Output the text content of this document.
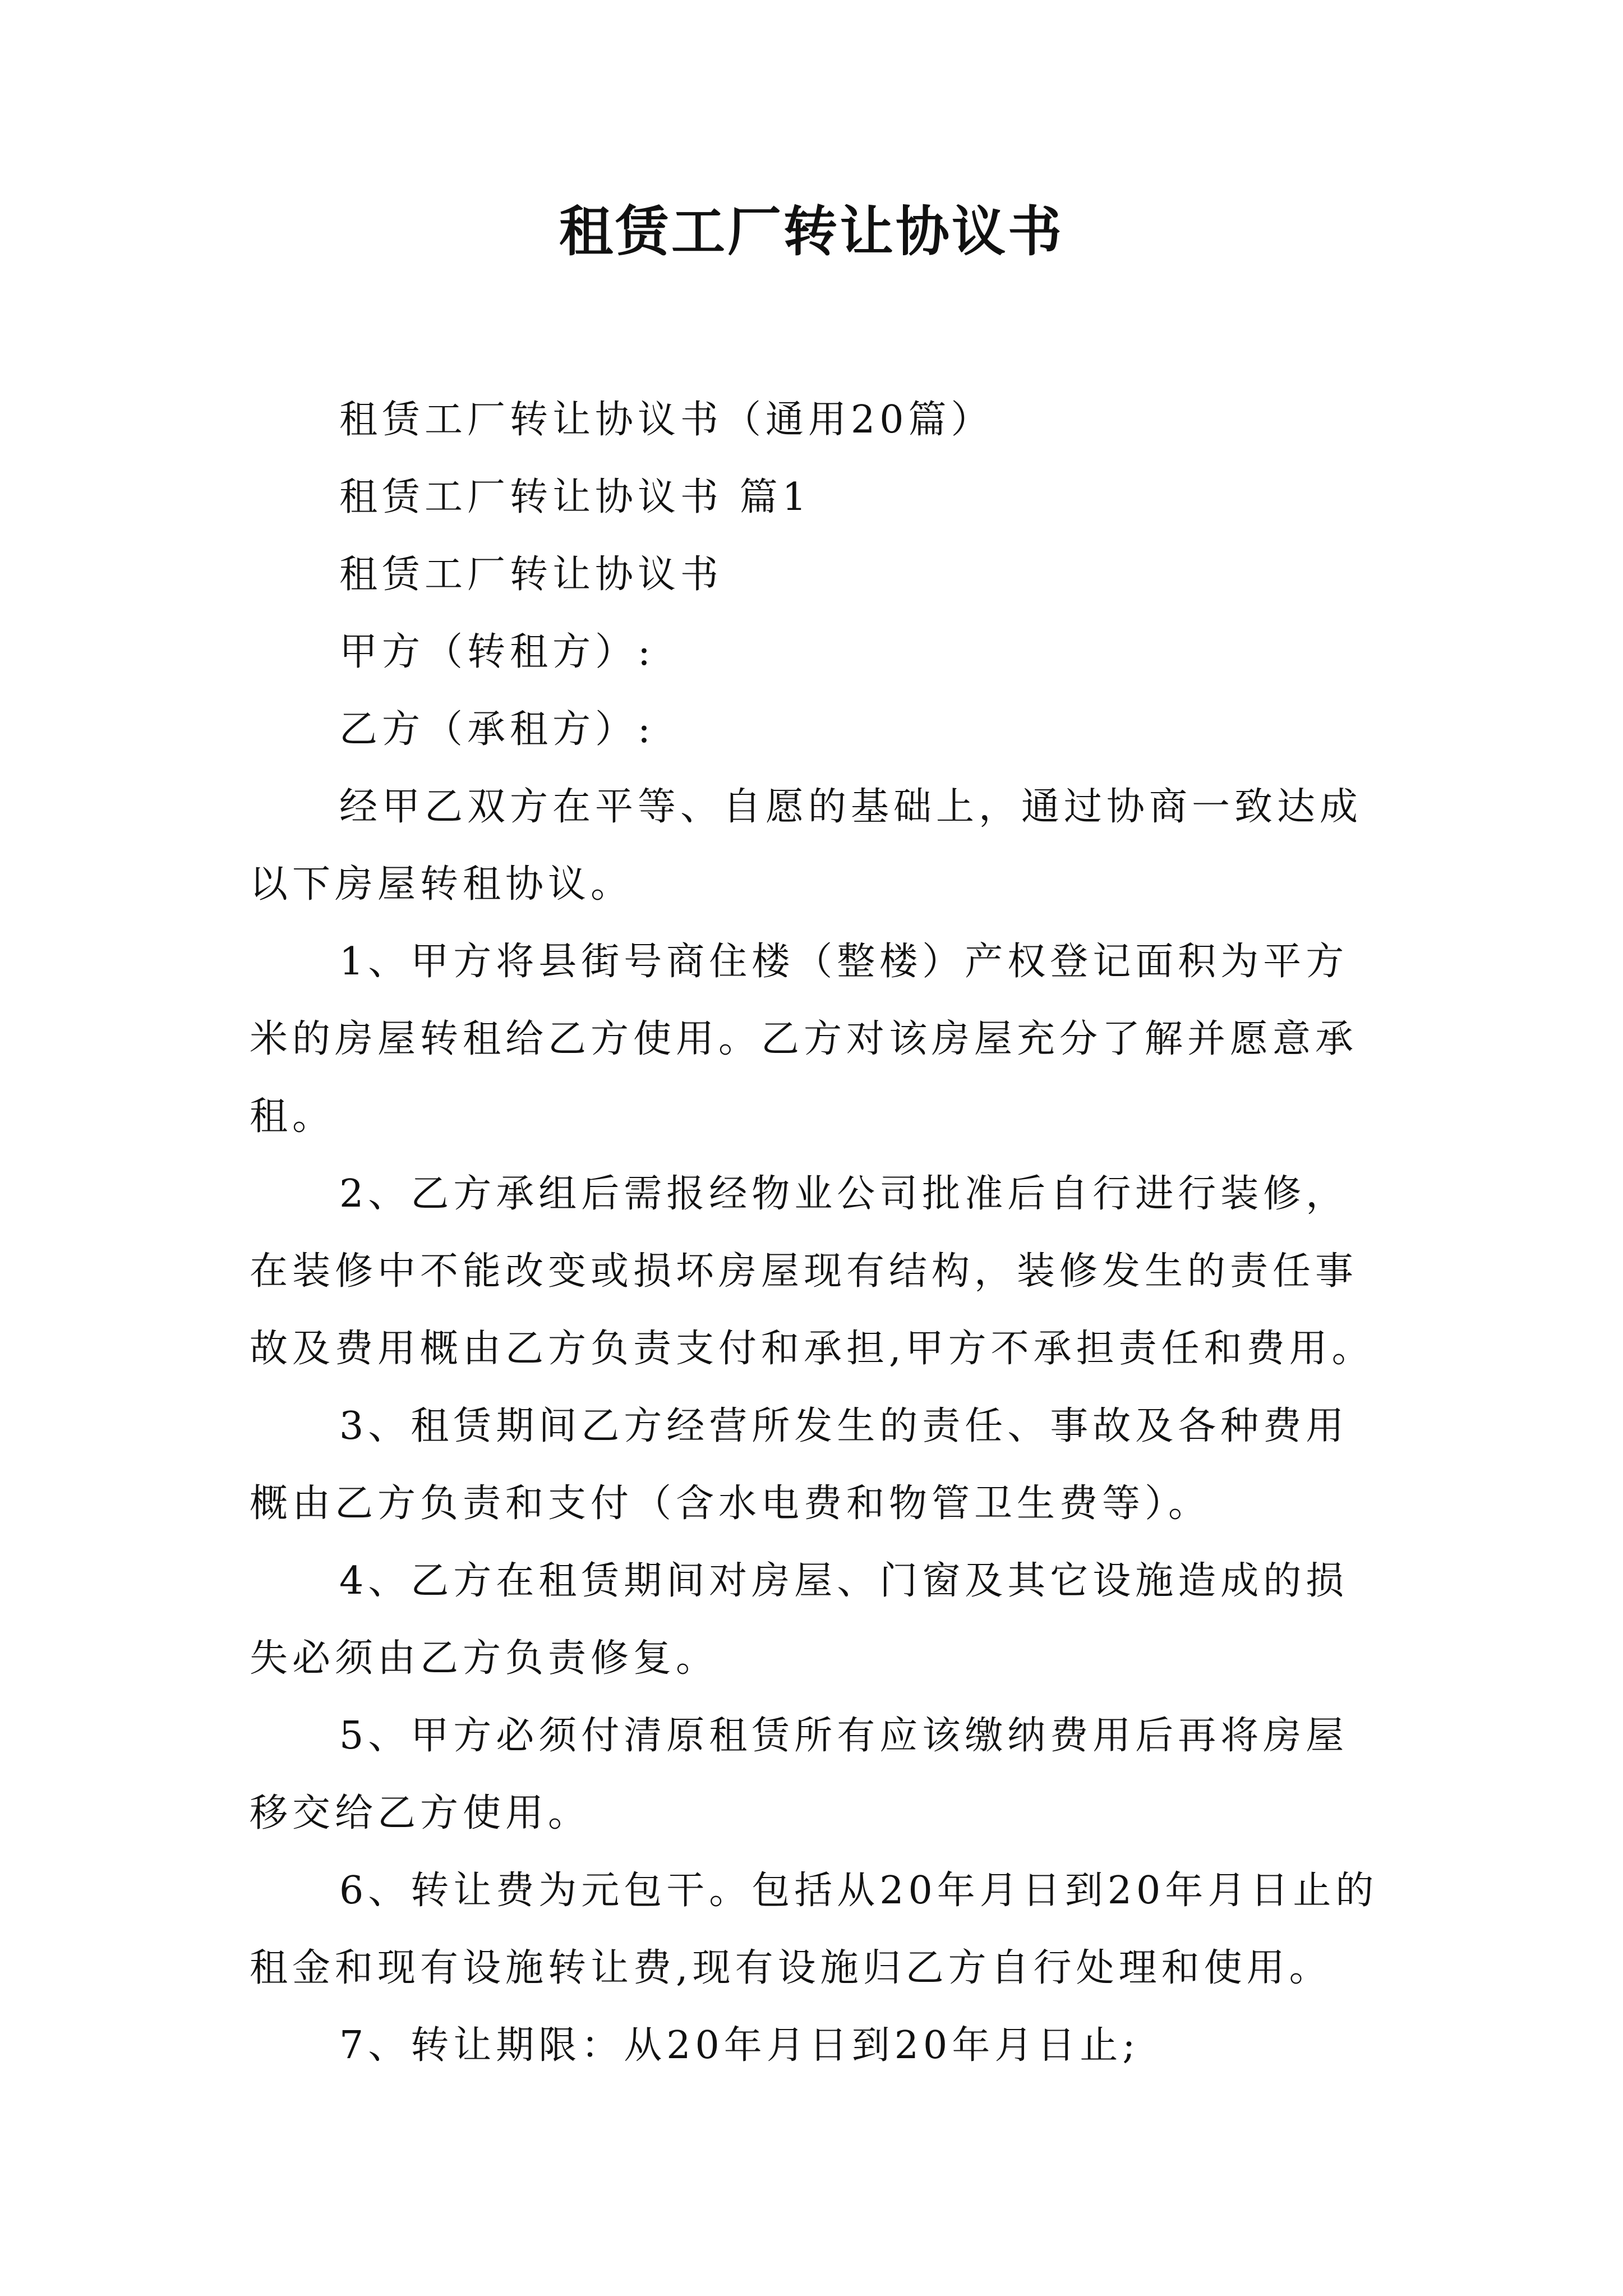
租赁工厂转让协议书

租赁工厂转让协议书（通用20篇）

租赁工厂转让协议书 篇1

租赁工厂转让协议书

甲方（转租方）:

乙方（承租方）:

经甲乙双方在平等、自愿的基础上，通过协商一致达成以下房屋转租协议。

1、甲方将县街号商住楼（整楼）产权登记面积为平方米的房屋转租给乙方使用。乙方对该房屋充分了解并愿意承租。

2、乙方承组后需报经物业公司批准后自行进行装修，在装修中不能改变或损坏房屋现有结构，装修发生的责任事故及费用概由乙方负责支付和承担,甲方不承担责任和费用。

3、租赁期间乙方经营所发生的责任、事故及各种费用概由乙方负责和支付（含水电费和物管卫生费等）。

4、乙方在租赁期间对房屋、门窗及其它设施造成的损失必须由乙方负责修复。

5、甲方必须付清原租赁所有应该缴纳费用后再将房屋移交给乙方使用。

6、转让费为元包干。包括从20年月日到20年月日止的租金和现有设施转让费,现有设施归乙方自行处理和使用。

7、转让期限：从20年月日到20年月日止;
